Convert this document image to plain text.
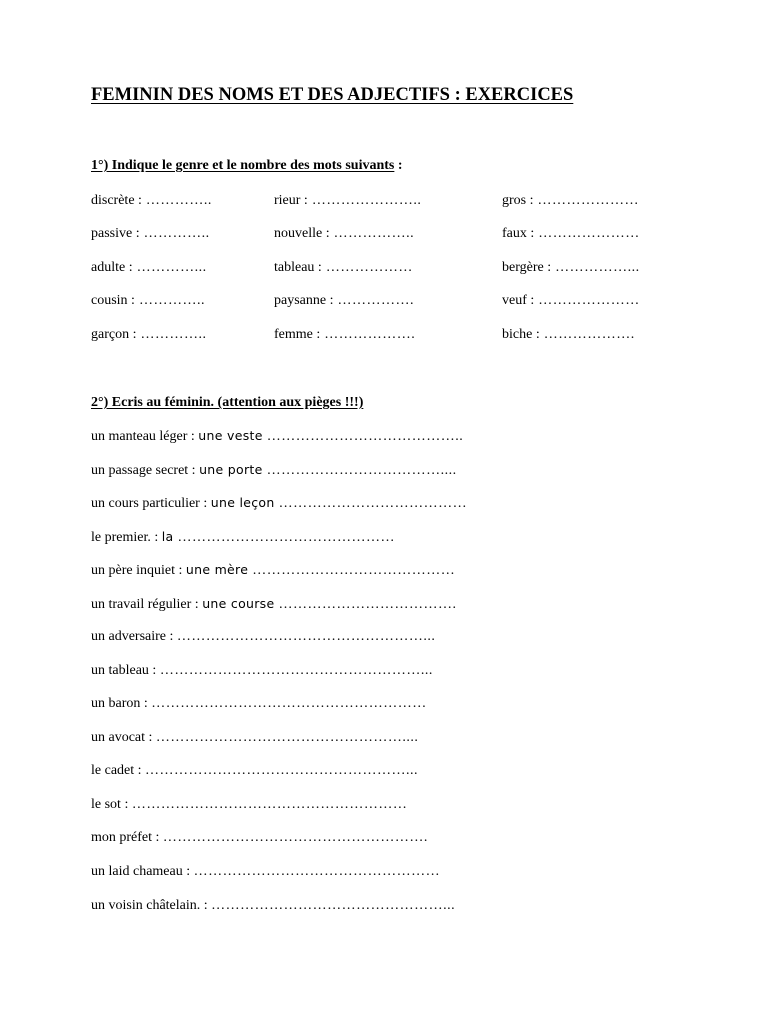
FEMININ DES NOMS ET DES ADJECTIFS : EXERCICES

1°) Indique le genre et le nombre des mots suivants :

discrète : …………..	rieur : …………………..	gros : …………………
passive : …………..	nouvelle : ……………..	faux : …………………
adulte : …………...	tableau : ………………	bergère : ……………...
cousin : …………..	paysanne : …………….	veuf : …………………
garçon : …………..	femme : ……………….	biche : ……………….

2°) Ecris au féminin. (attention aux pièges !!!)

un manteau léger : une veste …………………………………..
un passage secret : une porte ………………………………....
un cours particulier : une leçon …………………………………
le premier. : la ………………………………………
un père inquiet : une mère ……………………………………
un travail régulier : une course ……………………………….
un adversaire : ……………………………………………...
un tableau : ………………………………………………...
un baron : …………………………………………………
un avocat : ……………………………………………....
le cadet : ………………………………………………...
le sot : …………………………………………………
mon préfet : ……………………………………………….
un laid chameau : ……………………………………………
un voisin châtelain. : …………………………………………...
